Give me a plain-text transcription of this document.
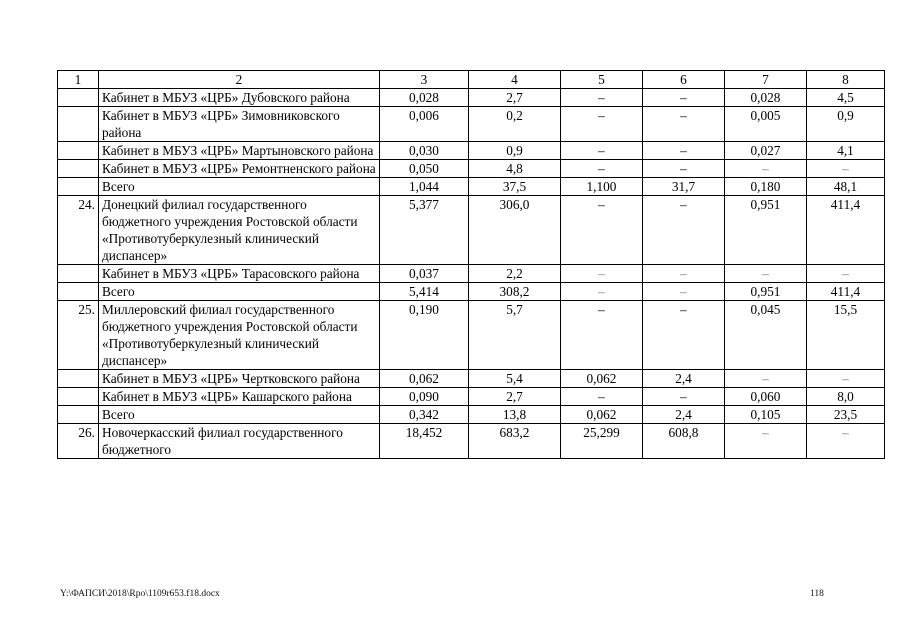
1	2	3	4	5	6	7	8
	Кабинет в МБУЗ «ЦРБ» Дубовского района	0,028	2,7	–	–	0,028	4,5
	Кабинет в МБУЗ «ЦРБ» Зимовниковского района	0,006	0,2	–	–	0,005	0,9
	Кабинет в МБУЗ «ЦРБ» Мартыновского района	0,030	0,9	–	–	0,027	4,1
	Кабинет в МБУЗ «ЦРБ» Ремонтненского района	0,050	4,8	–	–	–	–
	Всего	1,044	37,5	1,100	31,7	0,180	48,1
24.	Донецкий филиал государственного бюджетного учреждения Ростовской области «Противотуберкулезный клинический диспансер»	5,377	306,0	–	–	0,951	411,4
	Кабинет в МБУЗ «ЦРБ» Тарасовского района	0,037	2,2	–	–	–	–
	Всего	5,414	308,2	–	–	0,951	411,4
25.	Миллеровский филиал государственного бюджетного учреждения Ростовской области «Противотуберкулезный клинический диспансер»	0,190	5,7	–	–	0,045	15,5
	Кабинет в МБУЗ «ЦРБ» Чертковского района	0,062	5,4	0,062	2,4	–	–
	Кабинет в МБУЗ «ЦРБ» Кашарского района	0,090	2,7	–	–	0,060	8,0
	Всего	0,342	13,8	0,062	2,4	0,105	23,5
26.	Новочеркасский филиал государственного бюджетного	18,452	683,2	25,299	608,8	–	–
Y:\ФАПСИ\2018\Rpo\1109r653.f18.docx	118
